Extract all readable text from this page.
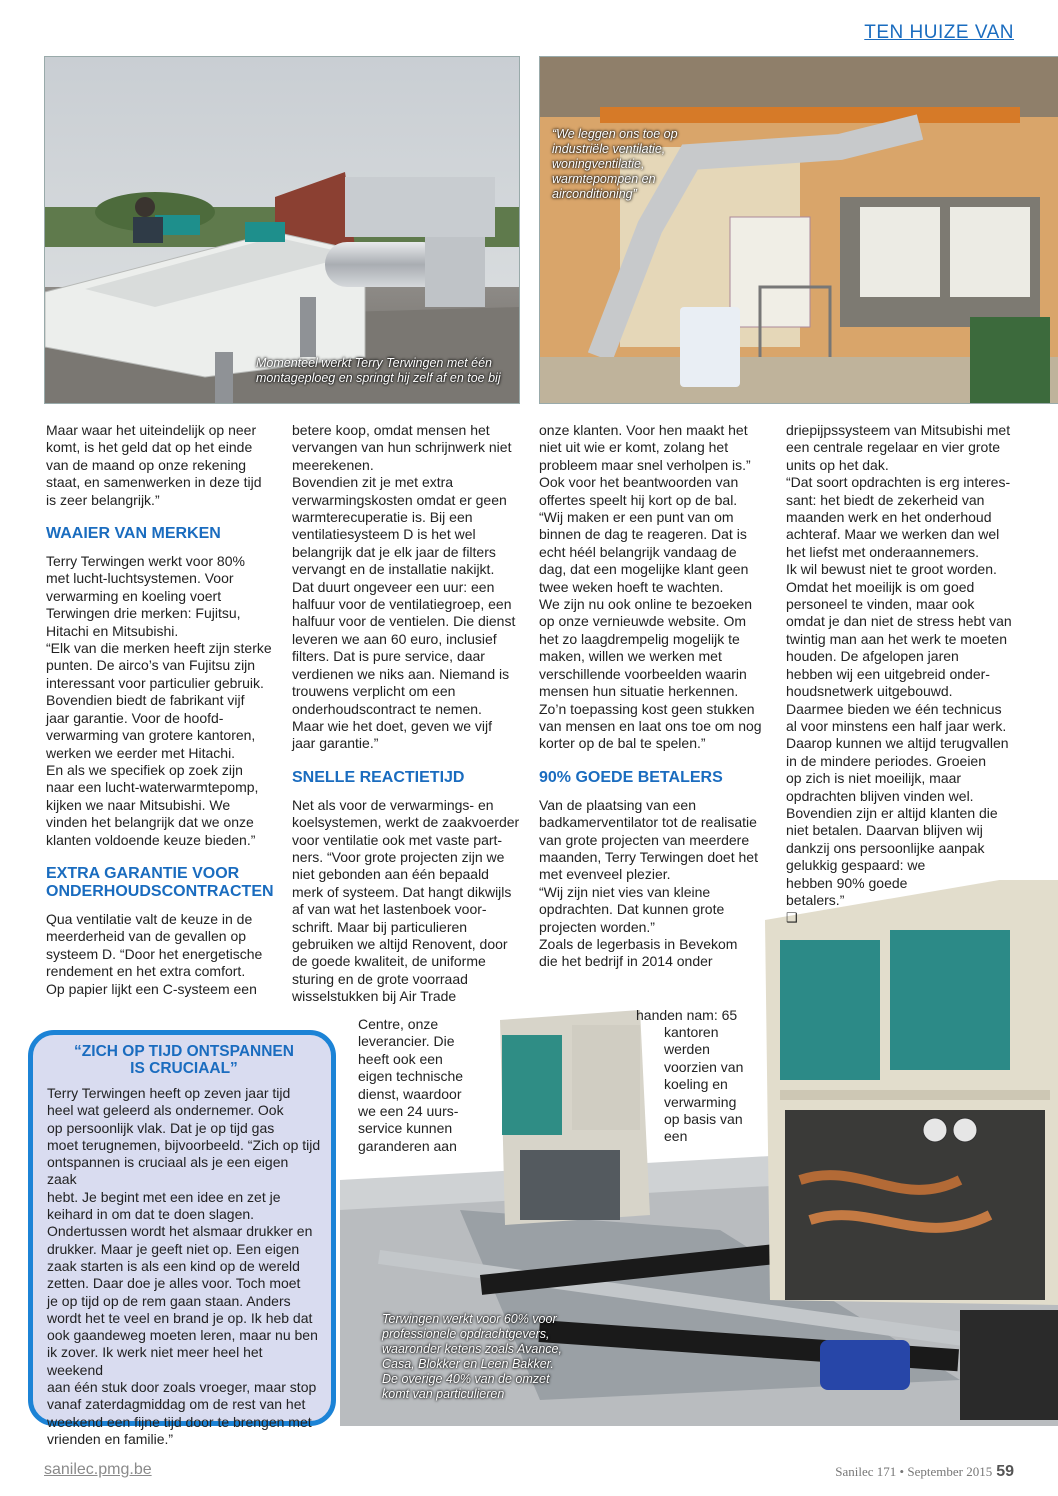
TEN HUIZE VAN
Momenteel werkt Terry Terwingen met één
montageploeg en springt hij zelf af en toe bij
“We leggen ons toe op
industriële ventilatie,
woningventilatie,
warmtepompen en
airconditioning”
Terwingen werkt voor 60% voor
professionele opdrachtgevers,
waaronder ketens zoals Avance,
Casa, Blokker en Leen Bakker.
De overige 40% van de omzet
komt van particulieren

Maar waar het uiteindelijk op neer
komt, is het geld dat op het einde
van de maand op onze rekening
staat, en samenwerken in deze tijd
is zeer belangrijk.”

WAAIER VAN MERKEN

Terry Terwingen werkt voor 80%
met lucht-luchtsystemen. Voor
verwarming en koeling voert
Terwingen drie merken: Fujitsu,
Hitachi en Mitsubishi.
“Elk van die merken heeft zijn sterke
punten. De airco’s van Fujitsu zijn
interessant voor particulier gebruik.
Bovendien biedt de fabrikant vijf
jaar garantie. Voor de hoofd-
verwarming van grotere kantoren,
werken we eerder met Hitachi.
En als we specifiek op zoek zijn
naar een lucht-waterwarmtepomp,
kijken we naar Mitsubishi. We
vinden het belangrijk dat we onze
klanten voldoende keuze bieden.”

EXTRA GARANTIE VOOR
ONDERHOUDSCONTRACTEN

Qua ventilatie valt de keuze in de
meerderheid van de gevallen op
systeem D. “Door het energetische
rendement en het extra comfort.
Op papier lijkt een C-systeem een

betere koop, omdat mensen het
vervangen van hun schrijnwerk niet
meerekenen.
Bovendien zit je met extra
verwarmingskosten omdat er geen
warmterecuperatie is. Bij een
ventilatiesysteem D is het wel
belangrijk dat je elk jaar de filters
vervangt en de installatie nakijkt.
Dat duurt ongeveer een uur: een
halfuur voor de ventilatiegroep, een
halfuur voor de ventielen. Die dienst
leveren we aan 60 euro, inclusief
filters. Dat is pure service, daar
verdienen we niks aan. Niemand is
trouwens verplicht om een
onderhoudscontract te nemen.
Maar wie het doet, geven we vijf
jaar garantie.”

SNELLE REACTIETIJD

Net als voor de verwarmings- en
koelsystemen, werkt de zaakvoerder
voor ventilatie ook met vaste part-
ners. “Voor grote projecten zijn we
niet gebonden aan één bepaald
merk of systeem. Dat hangt dikwijls
af van wat het lastenboek voor-
schrift. Maar bij particulieren
gebruiken we altijd Renovent, door
de goede kwaliteit, de uniforme
sturing en de grote voorraad
wisselstukken bij Air Trade

Centre, onze
leverancier. Die
heeft ook een
eigen technische
dienst, waardoor
we een 24 uurs-
service kunnen
garanderen aan

onze klanten. Voor hen maakt het
niet uit wie er komt, zolang het
probleem maar snel verholpen is.”
Ook voor het beantwoorden van
offertes speelt hij kort op de bal.
“Wij maken er een punt van om
binnen de dag te reageren. Dat is
echt héél belangrijk vandaag de
dag, dat een mogelijke klant geen
twee weken hoeft te wachten.
We zijn nu ook online te bezoeken
op onze vernieuwde website. Om
het zo laagdrempelig mogelijk te
maken, willen we werken met
verschillende voorbeelden waarin
mensen hun situatie herkennen.
Zo’n toepassing kost geen stukken
van mensen en laat ons toe om nog
korter op de bal te spelen.”

90% GOEDE BETALERS

Van de plaatsing van een
badkamerventilator tot de realisatie
van grote projecten van meerdere
maanden, Terry Terwingen doet het
met evenveel plezier.
“Wij zijn niet vies van kleine
opdrachten. Dat kunnen grote
projecten worden.”
Zoals de legerbasis in Bevekom
die het bedrijf in 2014 onder

handen nam: 65

kantoren
werden
voorzien van
koeling en
verwarming
op basis van
een

driepijpssysteem van Mitsubishi met
een centrale regelaar en vier grote
units op het dak.
“Dat soort opdrachten is erg interes-
sant: het biedt de zekerheid van
maanden werk en het onderhoud
achteraf. Maar we werken dan wel
het liefst met onderaannemers.
Ik wil bewust niet te groot worden.
Omdat het moeilijk is om goed
personeel te vinden, maar ook
omdat je dan niet de stress hebt van
twintig man aan het werk te moeten
houden. De afgelopen jaren
hebben wij een uitgebreid onder-
houdsnetwerk uitgebouwd.
Daarmee bieden we één technicus
al voor minstens een half jaar werk.
Daarop kunnen we altijd terugvallen
in de mindere periodes. Groeien
op zich is niet moeilijk, maar
opdrachten blijven vinden wel.
Bovendien zijn er altijd klanten die
niet betalen. Daarvan blijven wij
dankzij ons persoonlijke aanpak
gelukkig gespaard: we
hebben 90% goede
betalers.”

❑

“ZICH OP TIJD ONTSPANNEN
IS CRUCIAAL”

Terry Terwingen heeft op zeven jaar tijd
heel wat geleerd als ondernemer. Ook
op persoonlijk vlak. Dat je op tijd gas
moet terugnemen, bijvoorbeeld. “Zich op tijd
ontspannen is cruciaal als je een eigen zaak
hebt. Je begint met een idee en zet je
keihard in om dat te doen slagen.
Ondertussen wordt het alsmaar drukker en
drukker. Maar je geeft niet op. Een eigen
zaak starten is als een kind op de wereld
zetten. Daar doe je alles voor. Toch moet
je op tijd op de rem gaan staan. Anders
wordt het te veel en brand je op. Ik heb dat
ook gaandeweg moeten leren, maar nu ben
ik zover. Ik werk niet meer heel het weekend
aan één stuk door zoals vroeger, maar stop
vanaf zaterdagmiddag om de rest van het
weekend een fijne tijd door te brengen met
vrienden en familie.”

sanilec.pmg.be	Sanilec 171 • September 2015 59
